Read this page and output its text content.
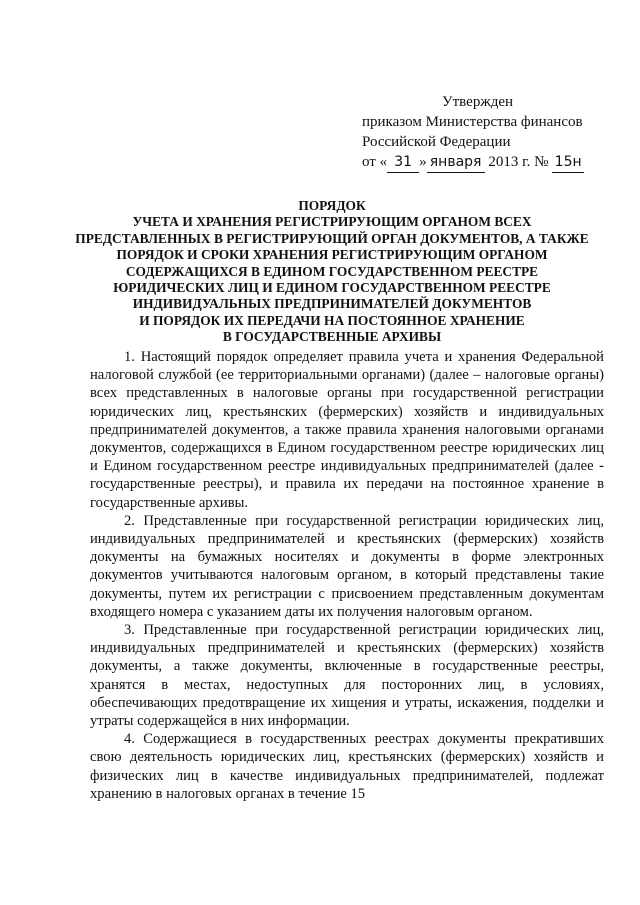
Утвержден
приказом Министерства финансов
Российской Федерации
от « 31 » января 2013 г. № 15н
ПОРЯДОК
УЧЕТА И ХРАНЕНИЯ РЕГИСТРИРУЮЩИМ ОРГАНОМ ВСЕХ
ПРЕДСТАВЛЕННЫХ В РЕГИСТРИРУЮЩИЙ ОРГАН ДОКУМЕНТОВ, А ТАКЖЕ
ПОРЯДОК И СРОКИ ХРАНЕНИЯ РЕГИСТРИРУЮЩИМ ОРГАНОМ
СОДЕРЖАЩИХСЯ В ЕДИНОМ ГОСУДАРСТВЕННОМ РЕЕСТРЕ
ЮРИДИЧЕСКИХ ЛИЦ И ЕДИНОМ ГОСУДАРСТВЕННОМ РЕЕСТРЕ
ИНДИВИДУАЛЬНЫХ ПРЕДПРИНИМАТЕЛЕЙ ДОКУМЕНТОВ
И ПОРЯДОК ИХ ПЕРЕДАЧИ НА ПОСТОЯННОЕ ХРАНЕНИЕ
В ГОСУДАРСТВЕННЫЕ АРХИВЫ

1. Настоящий порядок определяет правила учета и хранения Федеральной налоговой службой (ее территориальными органами) (далее – налоговые органы) всех представленных в налоговые органы при государственной регистрации юридических лиц, крестьянских (фермерских) хозяйств и индивидуальных предпринимателей документов, а также правила хранения налоговыми органами документов, содержащихся в Едином государственном реестре юридических лиц и Едином государственном реестре индивидуальных предпринимателей (далее - государственные реестры), и правила их передачи на постоянное хранение в государственные архивы.

2. Представленные при государственной регистрации юридических лиц, индивидуальных предпринимателей и крестьянских (фермерских) хозяйств документы на бумажных носителях и документы в форме электронных документов учитываются налоговым органом, в который представлены такие документы, путем их регистрации с присвоением представленным документам входящего номера с указанием даты их получения налоговым органом.

3. Представленные при государственной регистрации юридических лиц, индивидуальных предпринимателей и крестьянских (фермерских) хозяйств документы, а также документы, включенные в государственные реестры, хранятся в местах, недоступных для посторонних лиц, в условиях, обеспечивающих предотвращение их хищения и утраты, искажения, подделки и утраты содержащейся в них информации.

4. Содержащиеся в государственных реестрах документы прекративших свою деятельность юридических лиц, крестьянских (фермерских) хозяйств и физических лиц в качестве индивидуальных предпринимателей, подлежат хранению в налоговых органах в течение 15
